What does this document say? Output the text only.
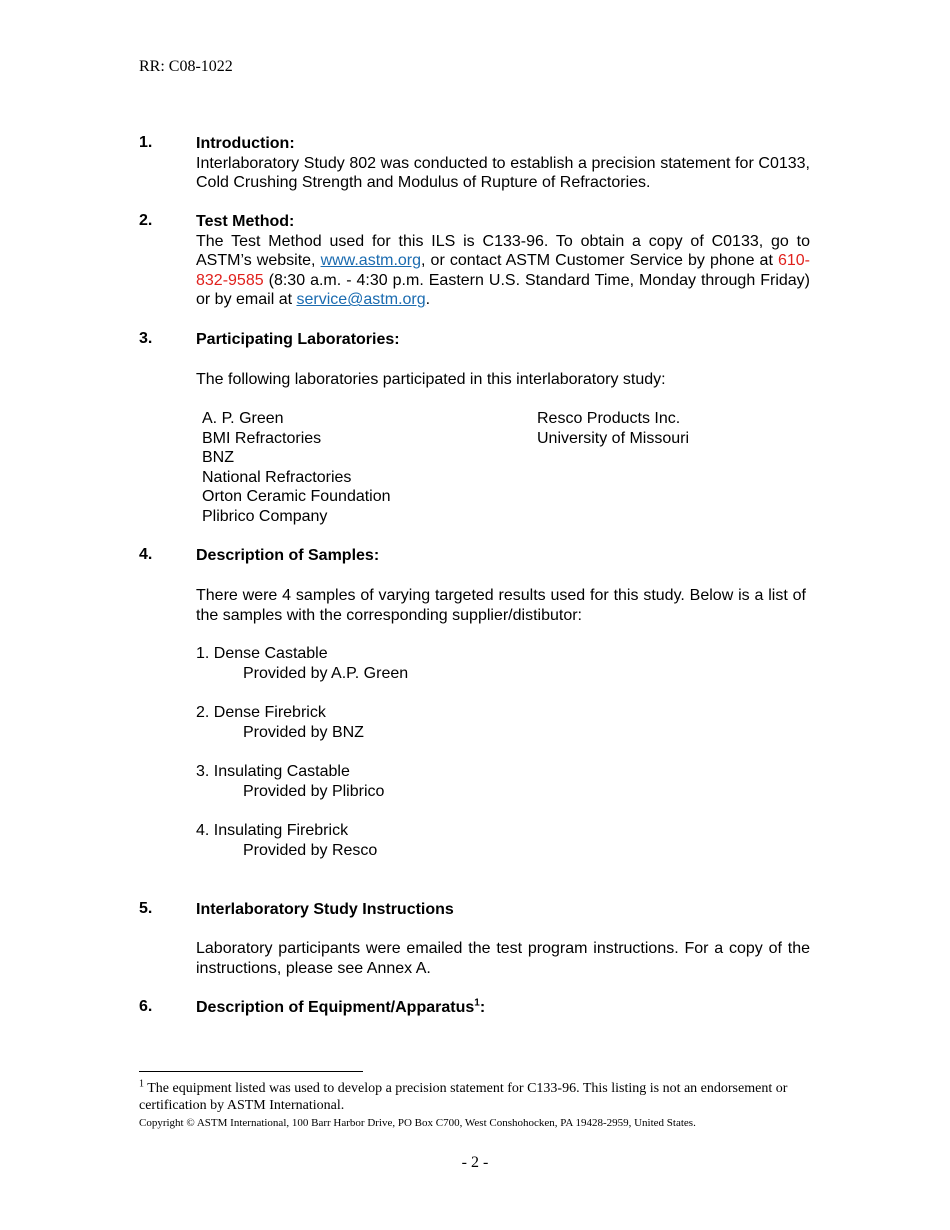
RR: C08-1022
1.	Introduction:
Interlaboratory Study 802 was conducted to establish a precision statement for C0133, Cold Crushing Strength and Modulus of Rupture of Refractories.
2.	Test Method:
The Test Method used for this ILS is C133-96. To obtain a copy of C0133, go to ASTM’s website, www.astm.org, or contact ASTM Customer Service by phone at 610-832-9585 (8:30 a.m. - 4:30 p.m. Eastern U.S. Standard Time, Monday through Friday) or by email at service@astm.org.
3.	Participating Laboratories:
The following laboratories participated in this interlaboratory study:
A. P. Green
BMI Refractories
BNZ
National Refractories
Orton Ceramic Foundation
Plibrico Company
Resco Products Inc.
University of Missouri
4.	Description of Samples:
There were 4 samples of varying targeted results used for this study. Below is a list of the samples with the corresponding supplier/distibutor:
1. Dense Castable
Provided by A.P. Green
2. Dense Firebrick
Provided by BNZ
3. Insulating Castable
Provided by Plibrico
4. Insulating Firebrick
Provided by Resco
5.	Interlaboratory Study Instructions
Laboratory participants were emailed the test program instructions. For a copy of the instructions, please see Annex A.
6.	Description of Equipment/Apparatus$^1$:
$^1$ The equipment listed was used to develop a precision statement for C133-96. This listing is not an endorsement or certification by ASTM International.
Copyright © ASTM International, 100 Barr Harbor Drive, PO Box C700, West Conshohocken, PA 19428-2959, United States.
- 2 -
